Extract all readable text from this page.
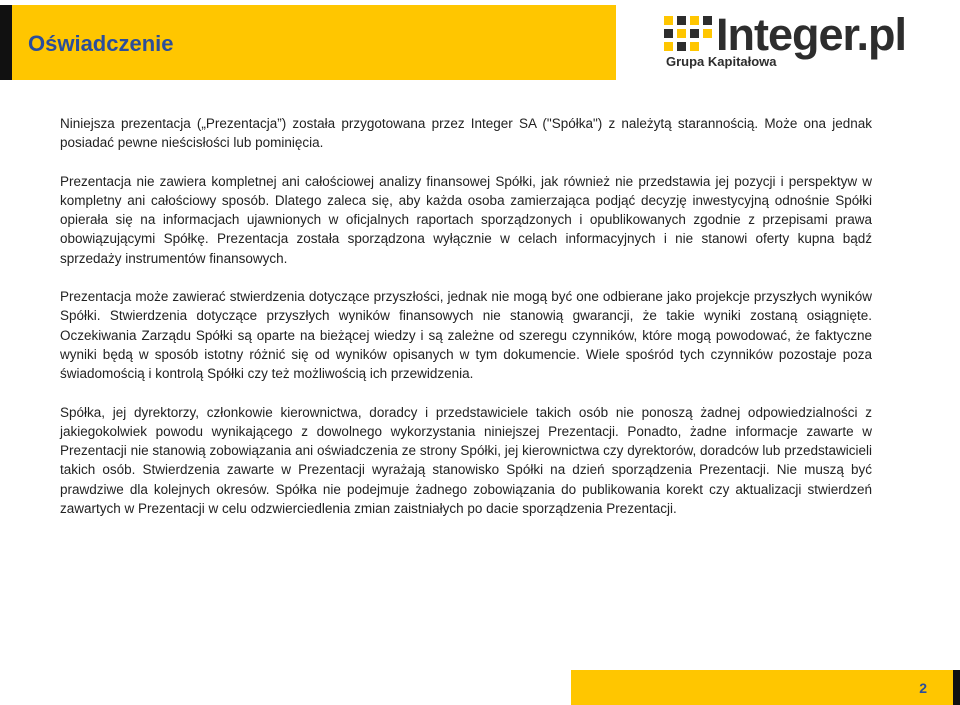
Oświadczenie	Integer.pl
Grupa Kapitałowa

Niniejsza prezentacja („Prezentacja”) została przygotowana przez Integer SA ("Spółka") z należytą starannością. Może ona jednak posiadać pewne nieścisłości lub pominięcia.

Prezentacja nie zawiera kompletnej ani całościowej analizy finansowej Spółki, jak również nie przedstawia jej pozycji i perspektyw w kompletny ani całościowy sposób. Dlatego zaleca się, aby każda osoba zamierzająca podjąć decyzję inwestycyjną odnośnie Spółki opierała się na informacjach ujawnionych w oficjalnych raportach sporządzonych i opublikowanych zgodnie z przepisami prawa obowiązującymi Spółkę. Prezentacja została sporządzona wyłącznie w celach informacyjnych i nie stanowi oferty kupna bądź sprzedaży instrumentów finansowych.

Prezentacja może zawierać stwierdzenia dotyczące przyszłości, jednak nie mogą być one odbierane jako projekcje przyszłych wyników Spółki. Stwierdzenia dotyczące przyszłych wyników finansowych nie stanowią gwarancji, że takie wyniki zostaną osiągnięte. Oczekiwania Zarządu Spółki są oparte na bieżącej wiedzy i są zależne od szeregu czynników, które mogą powodować, że faktyczne wyniki będą w sposób istotny różnić się od wyników opisanych w tym dokumencie. Wiele spośród tych czynników pozostaje poza świadomością i kontrolą Spółki czy też możliwością ich przewidzenia.

Spółka, jej dyrektorzy, członkowie kierownictwa, doradcy i przedstawiciele takich osób nie ponoszą żadnej odpowiedzialności z jakiegokolwiek powodu wynikającego z dowolnego wykorzystania niniejszej Prezentacji. Ponadto, żadne informacje zawarte w Prezentacji nie stanowią zobowiązania ani oświadczenia ze strony Spółki, jej kierownictwa czy dyrektorów, doradców lub przedstawicieli takich osób. Stwierdzenia zawarte w Prezentacji wyrażają stanowisko Spółki na dzień sporządzenia Prezentacji. Nie muszą być prawdziwe dla kolejnych okresów. Spółka nie podejmuje żadnego zobowiązania do publikowania korekt czy aktualizacji stwierdzeń zawartych w Prezentacji w celu odzwierciedlenia zmian zaistniałych po dacie sporządzenia Prezentacji.

2
